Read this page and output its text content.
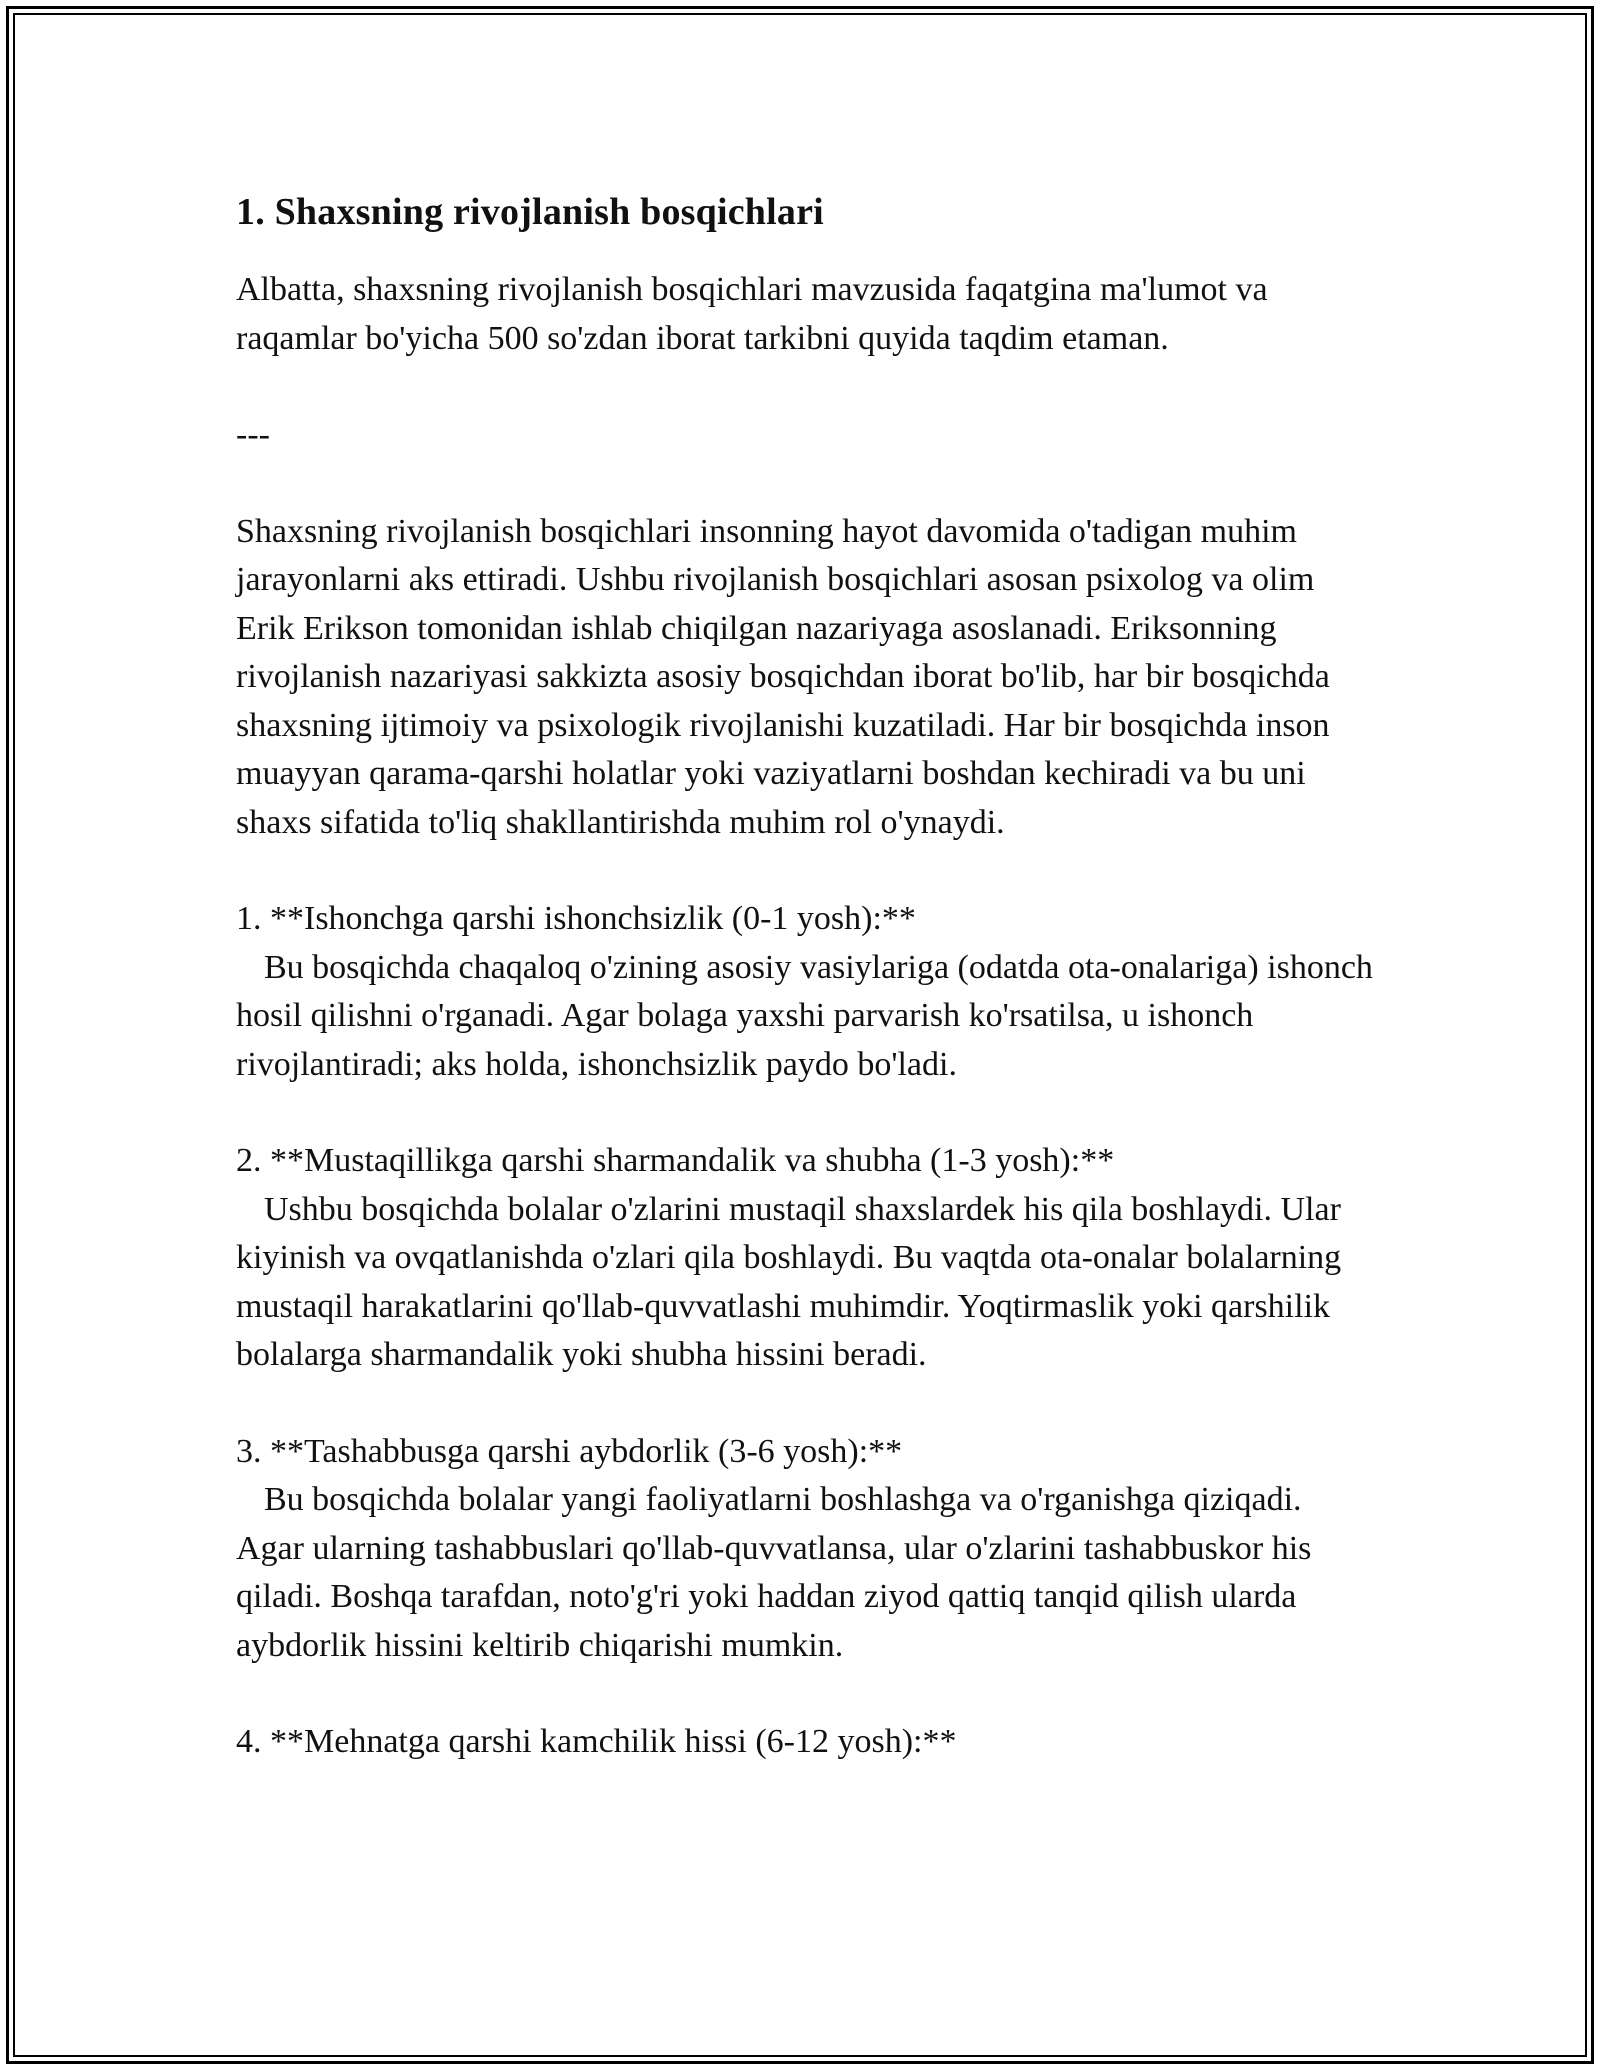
1. Shaxsning rivojlanish bosqichlari

Albatta, shaxsning rivojlanish bosqichlari mavzusida faqatgina ma'lumot va raqamlar bo'yicha 500 so'zdan iborat tarkibni quyida taqdim etaman.

---

Shaxsning rivojlanish bosqichlari insonning hayot davomida o'tadigan muhim jarayonlarni aks ettiradi. Ushbu rivojlanish bosqichlari asosan psixolog va olim Erik Erikson tomonidan ishlab chiqilgan nazariyaga asoslanadi. Eriksonning rivojlanish nazariyasi sakkizta asosiy bosqichdan iborat bo'lib, har bir bosqichda shaxsning ijtimoiy va psixologik rivojlanishi kuzatiladi. Har bir bosqichda inson muayyan qarama-qarshi holatlar yoki vaziyatlarni boshdan kechiradi va bu uni shaxs sifatida to'liq shakllantirishda muhim rol o'ynaydi.

1. **Ishonchga qarshi ishonchsizlik (0-1 yosh):**

Bu bosqichda chaqaloq o'zining asosiy vasiylariga (odatda ota-onalariga) ishonch hosil qilishni o'rganadi. Agar bolaga yaxshi parvarish ko'rsatilsa, u ishonch rivojlantiradi; aks holda, ishonchsizlik paydo bo'ladi.

2. **Mustaqillikga qarshi sharmandalik va shubha (1-3 yosh):**

Ushbu bosqichda bolalar o'zlarini mustaqil shaxslardek his qila boshlaydi. Ular kiyinish va ovqatlanishda o'zlari qila boshlaydi. Bu vaqtda ota-onalar bolalarning mustaqil harakatlarini qo'llab-quvvatlashi muhimdir. Yoqtirmaslik yoki qarshilik bolalarga sharmandalik yoki shubha hissini beradi.

3. **Tashabbusga qarshi aybdorlik (3-6 yosh):**

Bu bosqichda bolalar yangi faoliyatlarni boshlashga va o'rganishga qiziqadi. Agar ularning tashabbuslari qo'llab-quvvatlansa, ular o'zlarini tashabbuskor his qiladi. Boshqa tarafdan, noto'g'ri yoki haddan ziyod qattiq tanqid qilish ularda aybdorlik hissini keltirib chiqarishi mumkin.

4. **Mehnatga qarshi kamchilik hissi (6-12 yosh):**
